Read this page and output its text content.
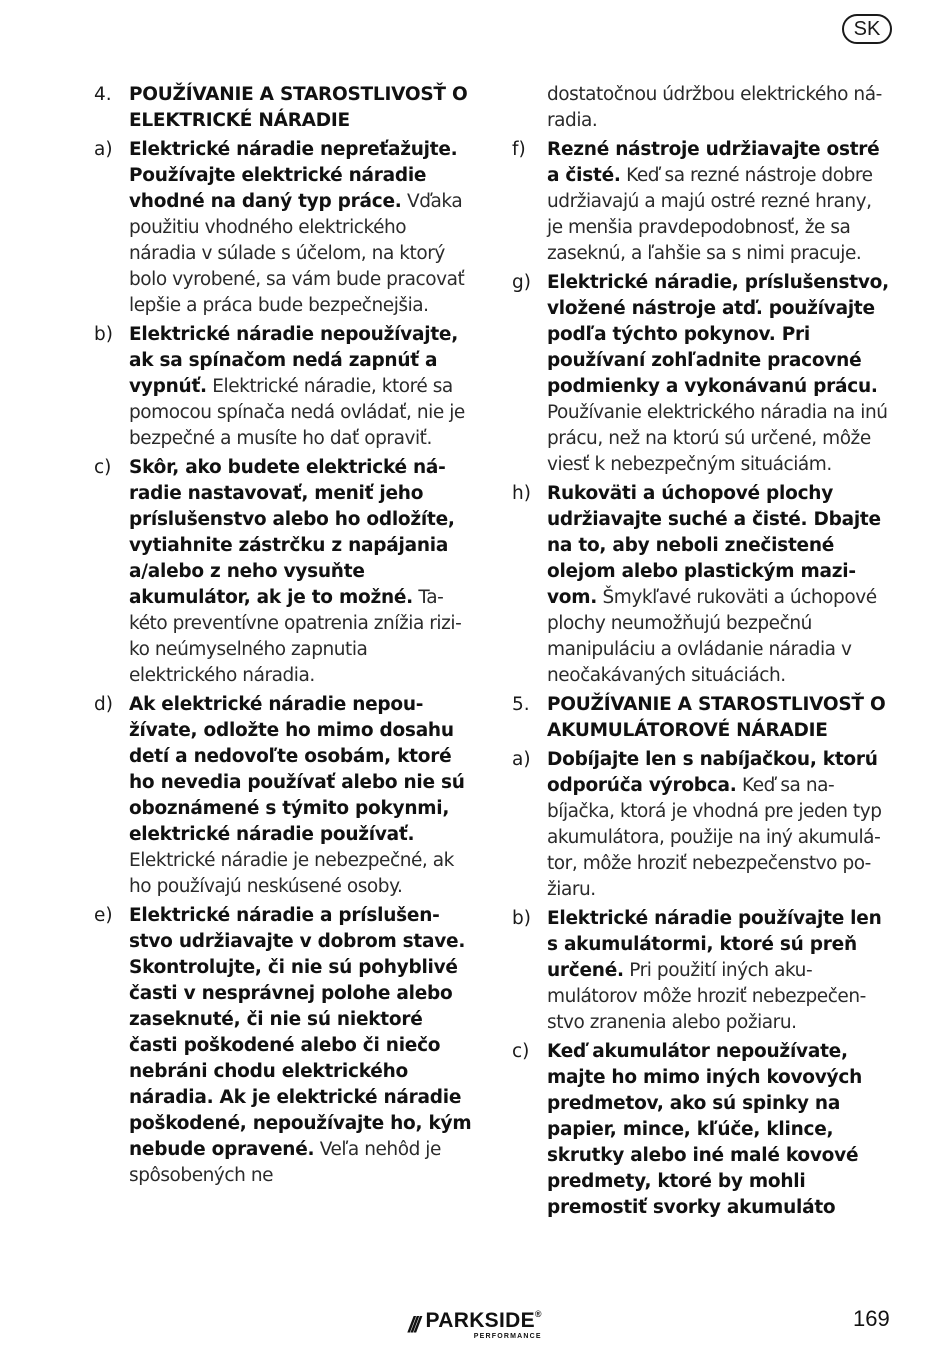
SK
4. POUŽÍVANIE A STAROSTLIVOSŤ O ELEKTRICKÉ NÁRADIE
a) Elektrické náradie nepreťažujte. Používajte elektrické náradie vhodné na daný typ práce. Vďaka použitiu vhodného elektrického náradia v súlade s účelom, na ktorý bolo vyrobené, sa vám bude pracovať lepšie a práca bude bezpečnejšia.
b) Elektrické náradie nepoužívajte, ak sa spínačom nedá zapnúť a vypnúť. Elektrické náradie, ktoré sa pomocou spínača nedá ovládať, nie je bezpečné a musíte ho dať opraviť.
c) Skôr, ako budete elektrické náradie nastavovať, meniť jeho príslušenstvo alebo ho odložíte, vytiahnite zástrčku z napájania a/alebo z neho vysuňte akumulátor, ak je to možné. Takéto preventívne opatrenia znížia riziko neúmyselného zapnutia elektrického náradia.
d) Ak elektrické náradie nepoužívate, odložte ho mimo dosahu detí a nedovoľte osobám, ktoré ho nevedia používať alebo nie sú oboznámené s týmito pokynmi, elektrické náradie používať. Elektrické náradie je nebezpečné, ak ho používajú neskúsené osoby.
e) Elektrické náradie a príslušenstvo udržiavajte v dobrom stave. Skontrolujte, či nie sú pohyblivé časti v nesprávnej polohe alebo zaseknuté, či nie sú niektoré časti poškodené alebo či niečo nebráni chodu elektrického náradia. Ak je elektrické náradie poškodené, nepoužívajte ho, kým nebude opravené. Veľa nehôd je spôsobených ne
dostatočnou údržbou elektrického náradia.
f)	Rezné nástroje udržiavajte ostré a čisté. Keď sa rezné nástroje dobre udržiavajú a majú ostré rezné hrany, je menšia pravdepodobnosť, že sa zaseknú, a ľahšie sa s nimi pracuje.
g) Elektrické náradie, príslušenstvo, vložené nástroje atď. používajte podľa týchto pokynov. Pri používaní zohľadnite pracovné podmienky a vykonávanú prácu. Používanie elektrického náradia na inú prácu, než na ktorú sú určené, môže viesť k nebezpečným situáciám.
h) Rukoväti a úchopové plochy udržiavajte suché a čisté. Dbajte na to, aby neboli znečistené olejom alebo plastickým mazivom. Šmykľavé rukoväti a úchopové plochy neumožňujú bezpečnú manipuláciu a ovládanie náradia v neočakávaných situáciách.
5. POUŽÍVANIE A STAROSTLIVOSŤ O AKUMULÁTOROVÉ NÁRADIE
a) Dobíjajte len s nabíjačkou, ktorú odporúča výrobca. Keď sa nabíjačka, ktorá je vhodná pre jeden typ akumulátora, použije na iný akumulátor, môže hroziť nebezpečenstvo požiaru.
b) Elektrické náradie používajte len s akumulátormi, ktoré sú preň určené. Pri použití iných akumulátorov môže hroziť nebezpečenstvo zranenia alebo požiaru.
c) Keď akumulátor nepoužívate, majte ho mimo iných kovových predmetov, ako sú spinky na papier, mince, kľúče, klince, skrutky alebo iné malé kovové predmety, ktoré by mohli premostiť svorky akumuláto
/// PARKSIDE®
PERFORMANCE
169
